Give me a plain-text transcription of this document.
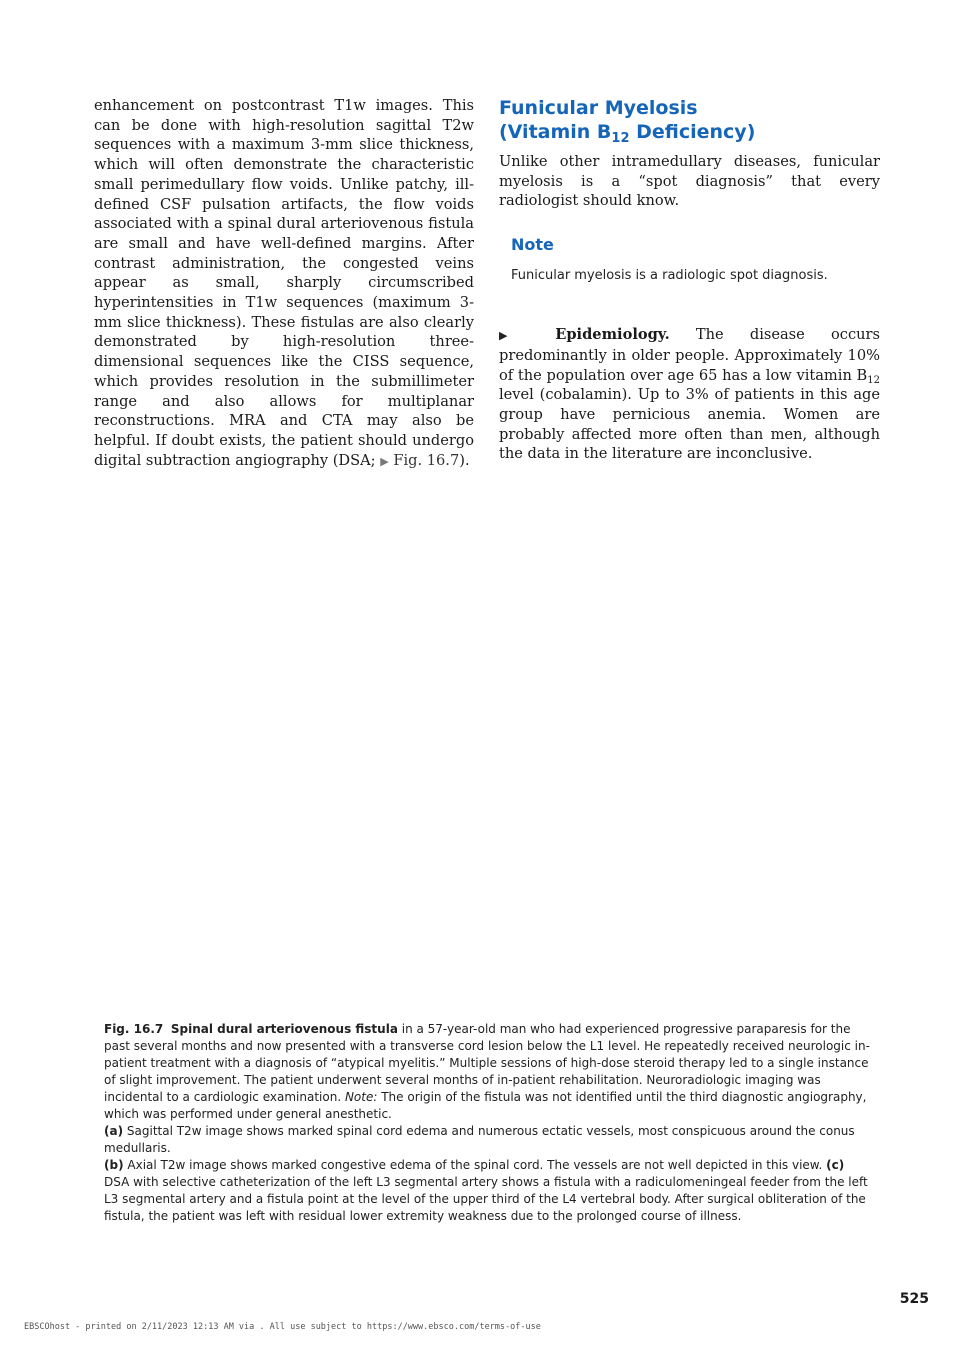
enhancement on postcontrast T1w images. This can be done with high-resolution sagittal T2w sequences with a maximum 3-mm slice thickness, which will often demonstrate the characteristic small perimedullary flow voids. Unlike patchy, ill-defined CSF pulsation artifacts, the flow voids associated with a spinal dural arteriovenous fistula are small and have well-defined margins. After contrast administration, the congested veins appear as small, sharply circumscribed hyperintensities in T1w sequences (maximum 3-mm slice thickness). These fistulas are also clearly demonstrated by high-resolution three-dimensional sequences like the CISS sequence, which provides resolution in the submillimeter range and also allows for multiplanar reconstructions. MRA and CTA may also be helpful. If doubt exists, the patient should undergo digital subtraction angiography (DSA; ▶ Fig. 16.7).

Funicular Myelosis
(Vitamin $B_{12}$ Deficiency)

Unlike other intramedullary diseases, funicular myelosis is a “spot diagnosis” that every radiologist should know.

Note
Funicular myelosis is a radiologic spot diagnosis.

▶ Epidemiology. The disease occurs predominantly in older people. Approximately 10% of the population over age 65 has a low vitamin $B_{12}$ level (cobalamin). Up to 3% of patients in this age group have pernicious anemia. Women are probably affected more often than men, although the data in the literature are inconclusive.

Fig. 16.7 Spinal dural arteriovenous fistula in a 57-year-old man who had experienced progressive paraparesis for the past several months and now presented with a transverse cord lesion below the L1 level. He repeatedly received neurologic in-patient treatment with a diagnosis of “atypical myelitis.” Multiple sessions of high-dose steroid therapy led to a single instance of slight improvement. The patient underwent several months of in-patient rehabilitation. Neuroradiologic imaging was incidental to a cardiologic examination. Note: The origin of the fistula was not identified until the third diagnostic angiography, which was performed under general anesthetic.
(a) Sagittal T2w image shows marked spinal cord edema and numerous ectatic vessels, most conspicuous around the conus medullaris.
(b) Axial T2w image shows marked congestive edema of the spinal cord. The vessels are not well depicted in this view. (c) DSA with selective catheterization of the left L3 segmental artery shows a fistula with a radiculomeningeal feeder from the left L3 segmental artery and a fistula point at the level of the upper third of the L4 vertebral body. After surgical obliteration of the fistula, the patient was left with residual lower extremity weakness due to the prolonged course of illness.
525
EBSCOhost - printed on 2/11/2023 12:13 AM via . All use subject to https://www.ebsco.com/terms-of-use
